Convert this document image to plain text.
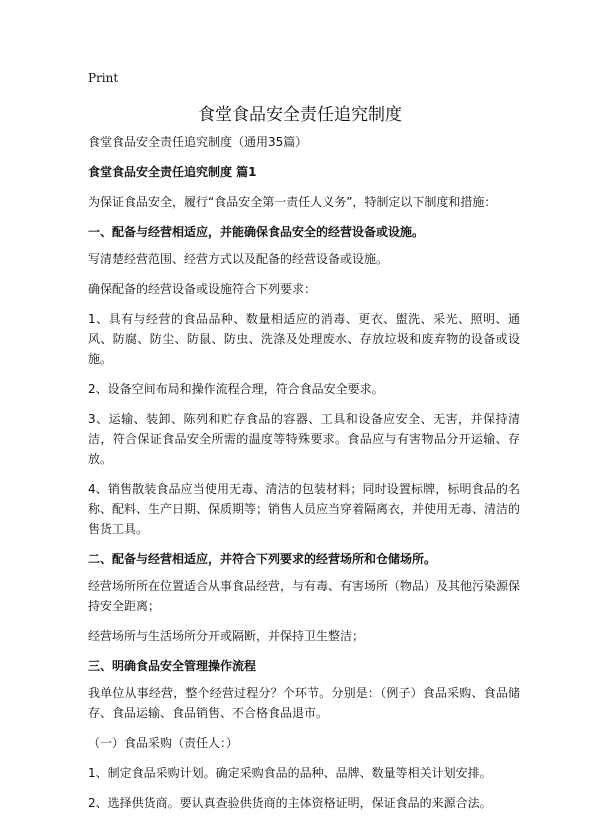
Print
食堂食品安全责任追究制度

食堂食品安全责任追究制度（通用35篇）

食堂食品安全责任追究制度 篇1

为保证食品安全，履行“食品安全第一责任人义务”，特制定以下制度和措施：

一、配备与经营相适应，并能确保食品安全的经营设备或设施。

写清楚经营范围、经营方式以及配备的经营设备或设施。

确保配备的经营设备或设施符合下列要求：

1、具有与经营的食品品种、数量相适应的消毒、更衣、盥洗、采光、照明、通风、防腐、防尘、防鼠、防虫、洗涤及处理废水、存放垃圾和废弃物的设备或设施。

2、设备空间布局和操作流程合理，符合食品安全要求。

3、运输、装卸、陈列和贮存食品的容器、工具和设备应安全、无害，并保持清洁，符合保证食品安全所需的温度等特殊要求。食品应与有害物品分开运输、存放。

4、销售散装食品应当使用无毒、清洁的包装材料；同时设置标牌，标明食品的名称、配料、生产日期、保质期等；销售人员应当穿着隔离衣，并使用无毒、清洁的售货工具。

二、配备与经营相适应，并符合下列要求的经营场所和仓储场所。

经营场所所在位置适合从事食品经营，与有毒、有害场所（物品）及其他污染源保持安全距离；

经营场所与生活场所分开或隔断，并保持卫生整洁；

三、明确食品安全管理操作流程

我单位从事经营，整个经营过程分？个环节。分别是：（例子）食品采购、食品储存、食品运输、食品销售、不合格食品退市。

（一）食品采购（责任人：）

1、制定食品采购计划。确定采购食品的品种、品牌、数量等相关计划安排。

2、选择供货商。要认真查验供货商的主体资格证明，保证食品的来源合法。
